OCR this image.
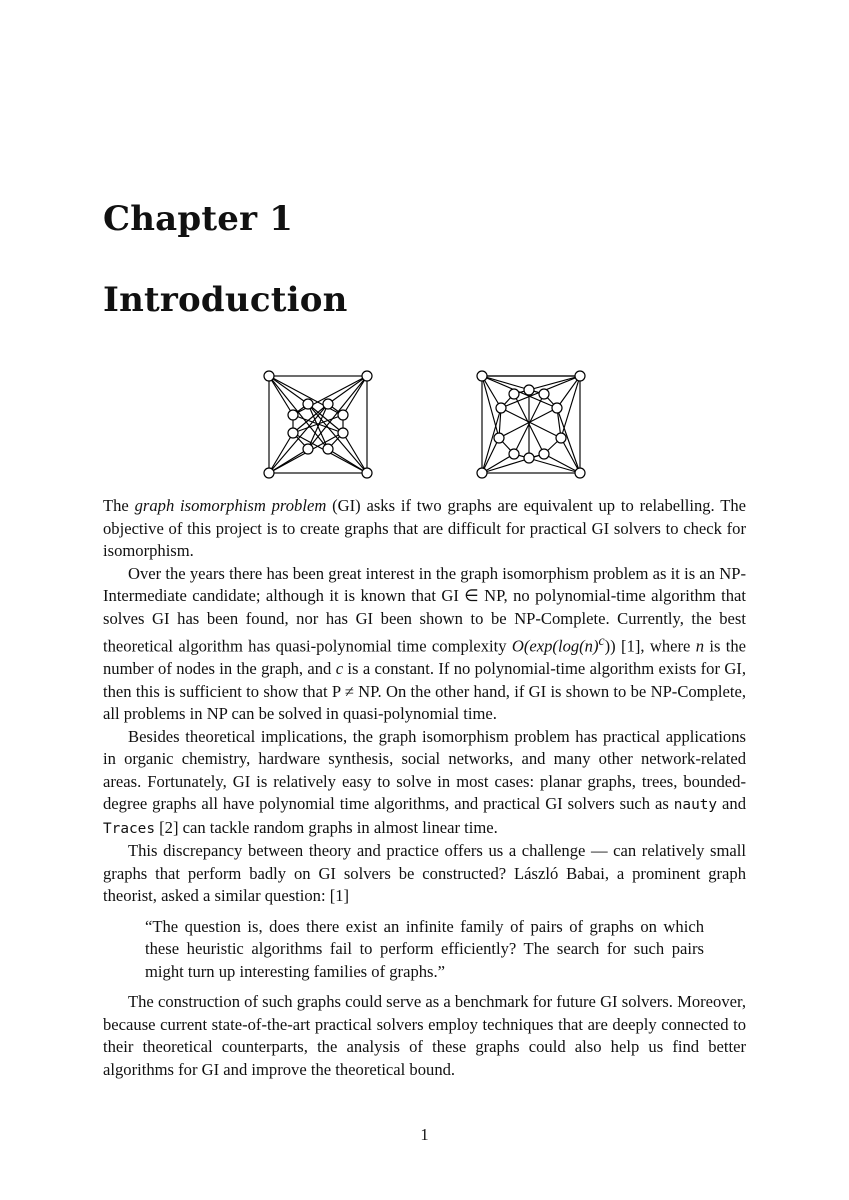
Chapter 1
Introduction

The graph isomorphism problem (GI) asks if two graphs are equivalent up to relabelling. The objective of this project is to create graphs that are difficult for practical GI solvers to check for isomorphism.

Over the years there has been great interest in the graph isomorphism problem as it is an NP-Intermediate candidate; although it is known that GI ∈ NP, no polynomial-time algorithm that solves GI has been found, nor has GI been shown to be NP-Complete. Currently, the best theoretical algorithm has quasi-polynomial time complexity $O(\exp(\log(n)^c))$ [1], where n is the number of nodes in the graph, and c is a constant. If no polynomial-time algorithm exists for GI, then this is sufficient to show that P ≠ NP. On the other hand, if GI is shown to be NP-Complete, all problems in NP can be solved in quasi-polynomial time.

Besides theoretical implications, the graph isomorphism problem has practical applications in organic chemistry, hardware synthesis, social networks, and many other network-related areas. Fortunately, GI is relatively easy to solve in most cases: planar graphs, trees, bounded-degree graphs all have polynomial time algorithms, and practical GI solvers such as nauty and Traces [2] can tackle random graphs in almost linear time.

This discrepancy between theory and practice offers us a challenge — can relatively small graphs that perform badly on GI solvers be constructed? László Babai, a prominent graph theorist, asked a similar question: [1]

“The question is, does there exist an infinite family of pairs of graphs on which these heuristic algorithms fail to perform efficiently? The search for such pairs might turn up interesting families of graphs.”

The construction of such graphs could serve as a benchmark for future GI solvers. Moreover, because current state-of-the-art practical solvers employ techniques that are deeply connected to their theoretical counterparts, the analysis of these graphs could also help us find better algorithms for GI and improve the theoretical bound.

1
